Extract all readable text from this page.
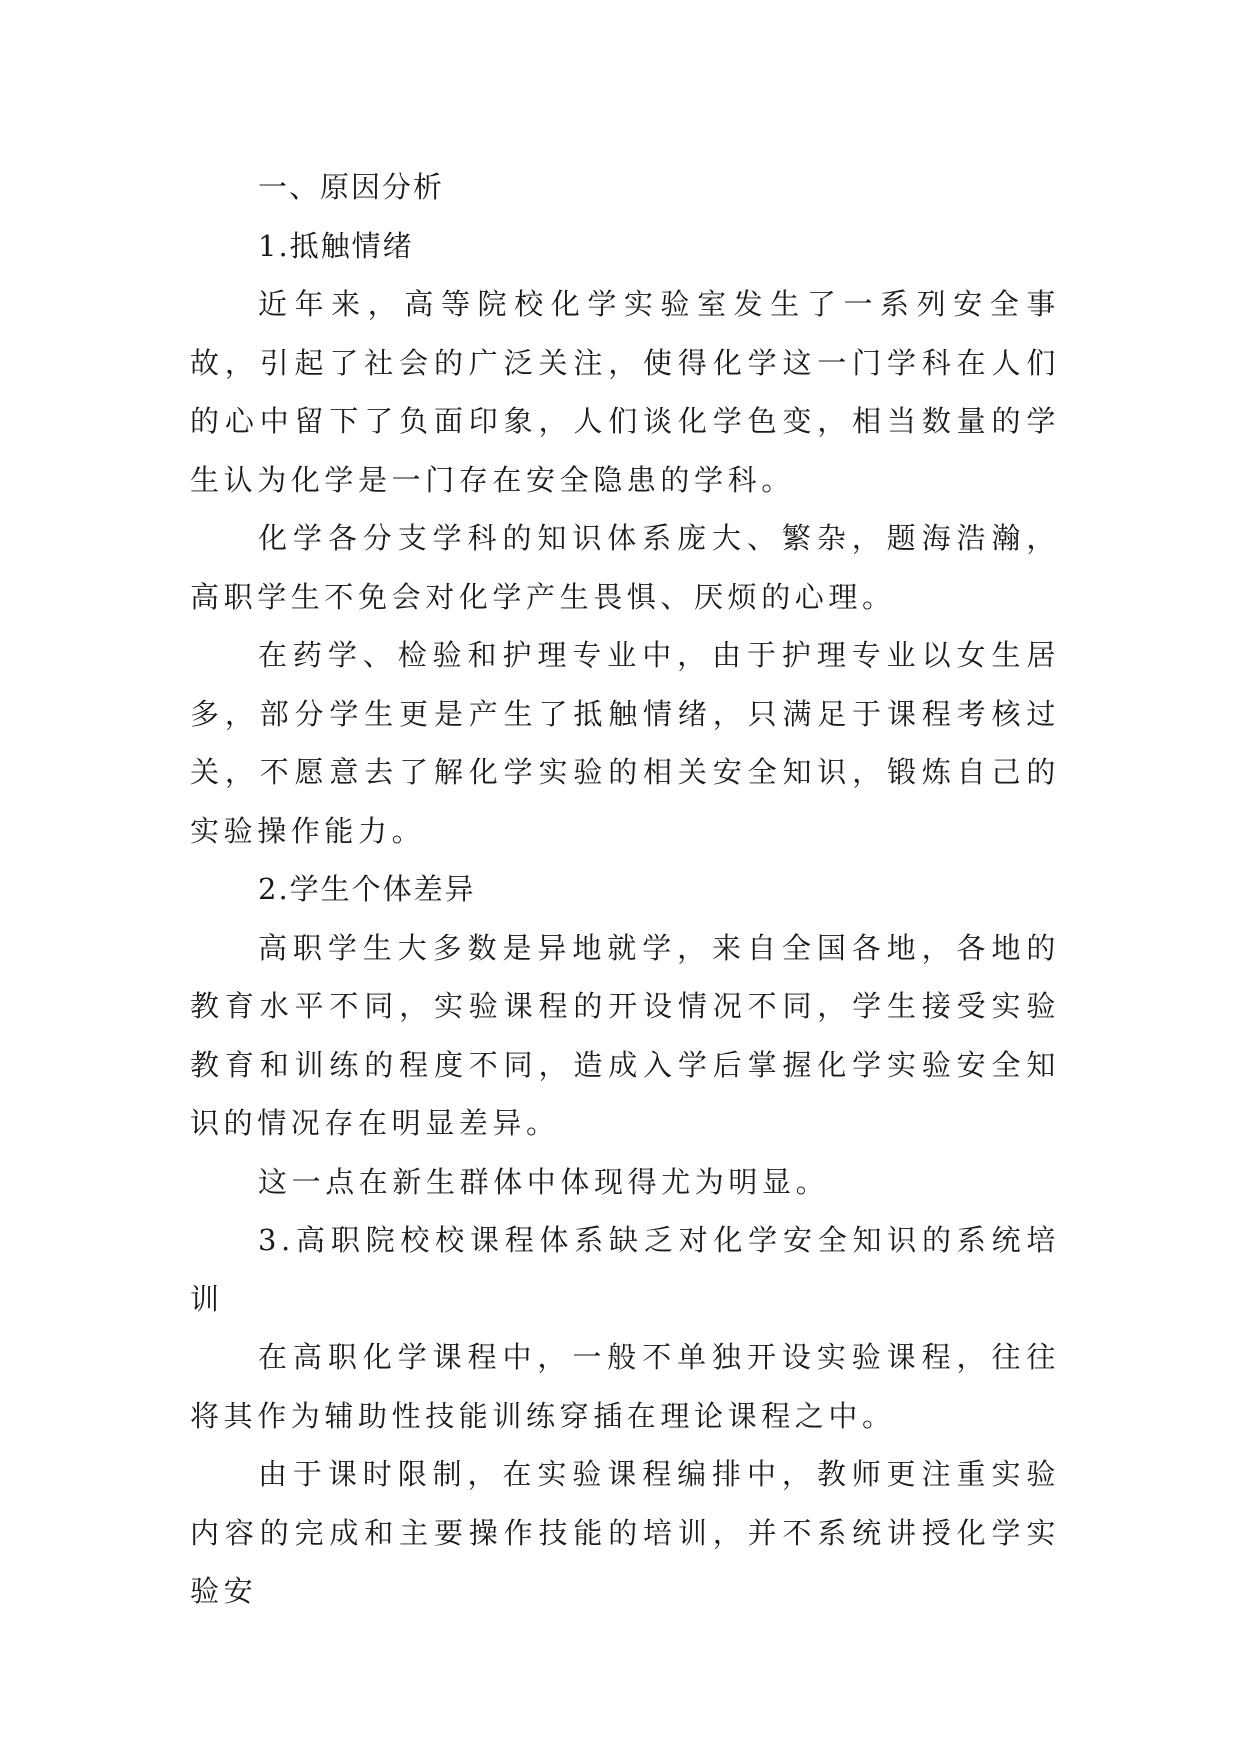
一、原因分析

1.抵触情绪

近年来，高等院校化学实验室发生了一系列安全事故，引起了社会的广泛关注，使得化学这一门学科在人们的心中留下了负面印象，人们谈化学色变，相当数量的学生认为化学是一门存在安全隐患的学科。

化学各分支学科的知识体系庞大、繁杂，题海浩瀚，高职学生不免会对化学产生畏惧、厌烦的心理。

在药学、检验和护理专业中，由于护理专业以女生居多，部分学生更是产生了抵触情绪，只满足于课程考核过关，不愿意去了解化学实验的相关安全知识，锻炼自己的实验操作能力。

2.学生个体差异

高职学生大多数是异地就学，来自全国各地，各地的教育水平不同，实验课程的开设情况不同，学生接受实验教育和训练的程度不同，造成入学后掌握化学实验安全知识的情况存在明显差异。

这一点在新生群体中体现得尤为明显。

3.高职院校校课程体系缺乏对化学安全知识的系统培训

在高职化学课程中，一般不单独开设实验课程，往往将其作为辅助性技能训练穿插在理论课程之中。

由于课时限制，在实验课程编排中，教师更注重实验内容的完成和主要操作技能的培训，并不系统讲授化学实验安
